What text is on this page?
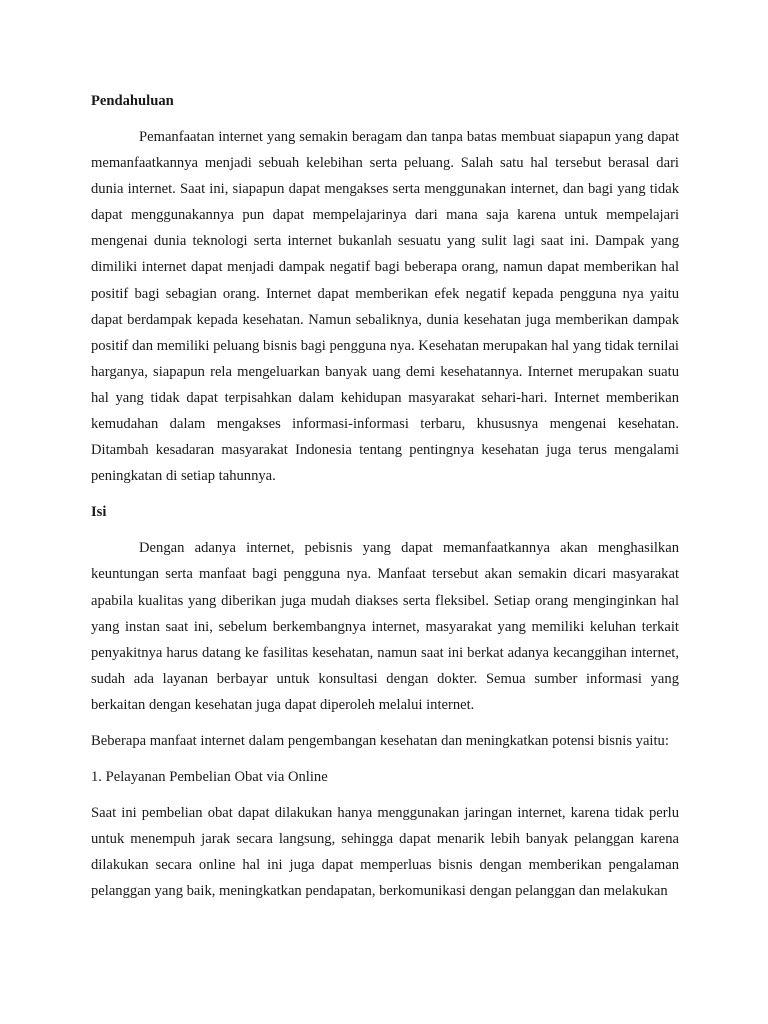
Pendahuluan

Pemanfaatan internet yang semakin beragam dan tanpa batas membuat siapapun yang dapat memanfaatkannya menjadi sebuah kelebihan serta peluang. Salah satu hal tersebut berasal dari dunia internet. Saat ini, siapapun dapat mengakses serta menggunakan internet, dan bagi yang tidak dapat menggunakannya pun dapat mempelajarinya dari mana saja karena untuk mempelajari mengenai dunia teknologi serta internet bukanlah sesuatu yang sulit lagi saat ini. Dampak yang dimiliki internet dapat menjadi dampak negatif bagi beberapa orang, namun dapat memberikan hal positif bagi sebagian orang. Internet dapat memberikan efek negatif kepada pengguna nya yaitu dapat berdampak kepada kesehatan. Namun sebaliknya, dunia kesehatan juga memberikan dampak positif dan memiliki peluang bisnis bagi pengguna nya. Kesehatan merupakan hal yang tidak ternilai harganya, siapapun rela mengeluarkan banyak uang demi kesehatannya. Internet merupakan suatu hal yang tidak dapat terpisahkan dalam kehidupan masyarakat sehari-hari. Internet memberikan kemudahan dalam mengakses informasi-informasi terbaru, khususnya mengenai kesehatan. Ditambah kesadaran masyarakat Indonesia tentang pentingnya kesehatan juga terus mengalami peningkatan di setiap tahunnya.

Isi

Dengan adanya internet, pebisnis yang dapat memanfaatkannya akan menghasilkan keuntungan serta manfaat bagi pengguna nya. Manfaat tersebut akan semakin dicari masyarakat apabila kualitas yang diberikan juga mudah diakses serta fleksibel. Setiap orang menginginkan hal yang instan saat ini, sebelum berkembangnya internet, masyarakat yang memiliki keluhan terkait penyakitnya harus datang ke fasilitas kesehatan, namun saat ini berkat adanya kecanggihan internet, sudah ada layanan berbayar untuk konsultasi dengan dokter. Semua sumber informasi yang berkaitan dengan kesehatan juga dapat diperoleh melalui internet.

Beberapa manfaat internet dalam pengembangan kesehatan dan meningkatkan potensi bisnis yaitu:

1. Pelayanan Pembelian Obat via Online

Saat ini pembelian obat dapat dilakukan hanya menggunakan jaringan internet, karena tidak perlu untuk menempuh jarak secara langsung, sehingga dapat menarik lebih banyak pelanggan karena dilakukan secara online hal ini juga dapat memperluas bisnis dengan memberikan pengalaman pelanggan yang baik, meningkatkan pendapatan, berkomunikasi dengan pelanggan dan melakukan
